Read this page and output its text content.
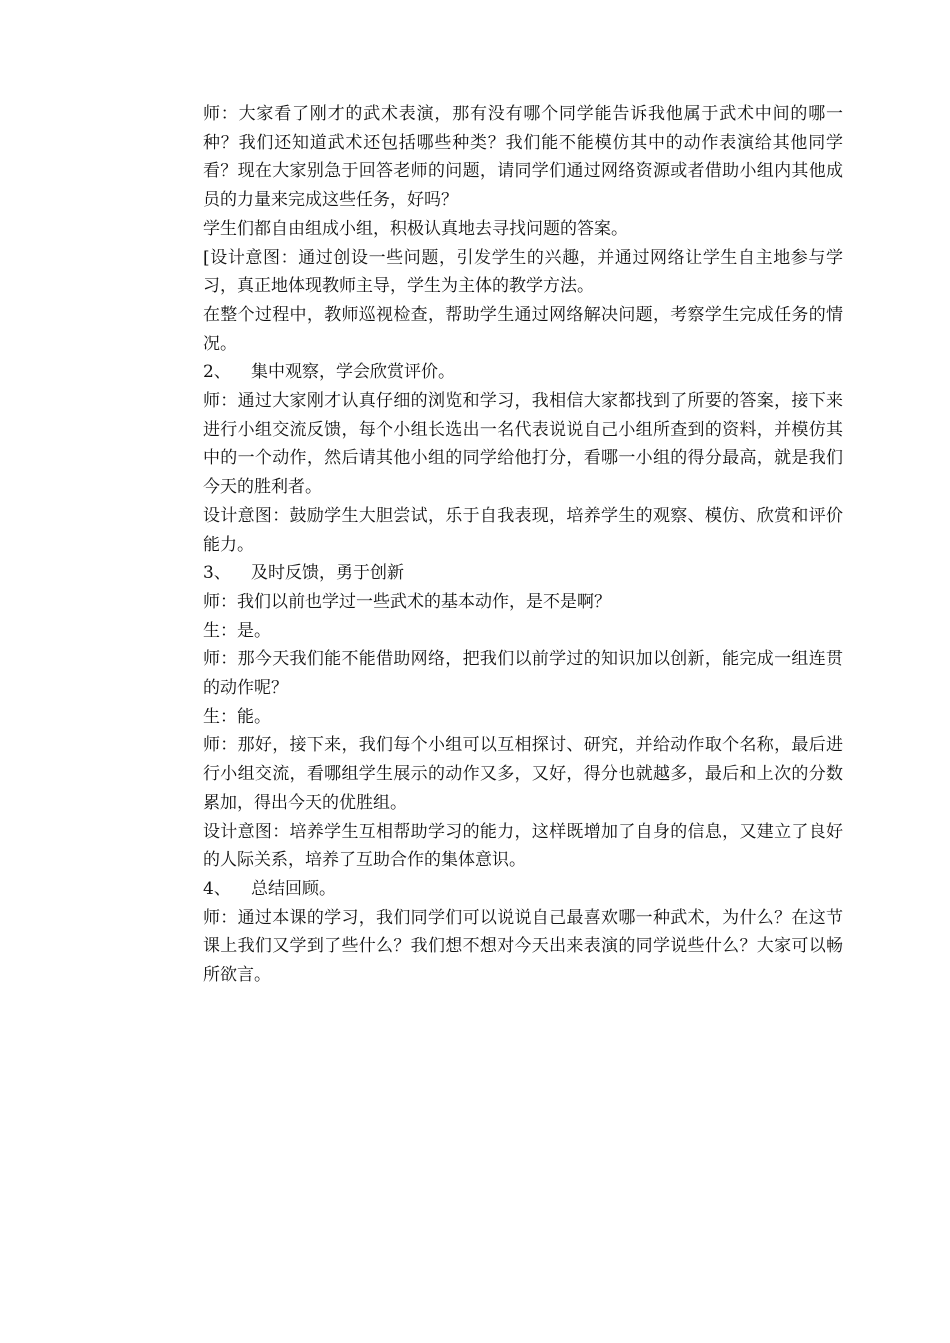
师：大家看了刚才的武术表演，那有没有哪个同学能告诉我他属于武术中间的哪一种？我们还知道武术还包括哪些种类？我们能不能模仿其中的动作表演给其他同学看？现在大家别急于回答老师的问题，请同学们通过网络资源或者借助小组内其他成员的力量来完成这些任务，好吗？

学生们都自由组成小组，积极认真地去寻找问题的答案。

[设计意图：通过创设一些问题，引发学生的兴趣，并通过网络让学生自主地参与学习，真正地体现教师主导，学生为主体的教学方法。

在整个过程中，教师巡视检查，帮助学生通过网络解决问题，考察学生完成任务的情况。

2、 集中观察，学会欣赏评价。

师：通过大家刚才认真仔细的浏览和学习，我相信大家都找到了所要的答案，接下来进行小组交流反馈，每个小组长选出一名代表说说自己小组所查到的资料，并模仿其中的一个动作，然后请其他小组的同学给他打分，看哪一小组的得分最高，就是我们今天的胜利者。

设计意图：鼓励学生大胆尝试，乐于自我表现，培养学生的观察、模仿、欣赏和评价能力。

3、 及时反馈，勇于创新

师：我们以前也学过一些武术的基本动作，是不是啊？

生：是。

师：那今天我们能不能借助网络，把我们以前学过的知识加以创新，能完成一组连贯的动作呢？

生：能。

师：那好，接下来，我们每个小组可以互相探讨、研究，并给动作取个名称，最后进行小组交流，看哪组学生展示的动作又多，又好，得分也就越多，最后和上次的分数累加，得出今天的优胜组。

设计意图：培养学生互相帮助学习的能力，这样既增加了自身的信息，又建立了良好的人际关系，培养了互助合作的集体意识。

4、 总结回顾。

师：通过本课的学习，我们同学们可以说说自己最喜欢哪一种武术，为什么？在这节课上我们又学到了些什么？我们想不想对今天出来表演的同学说些什么？大家可以畅所欲言。
